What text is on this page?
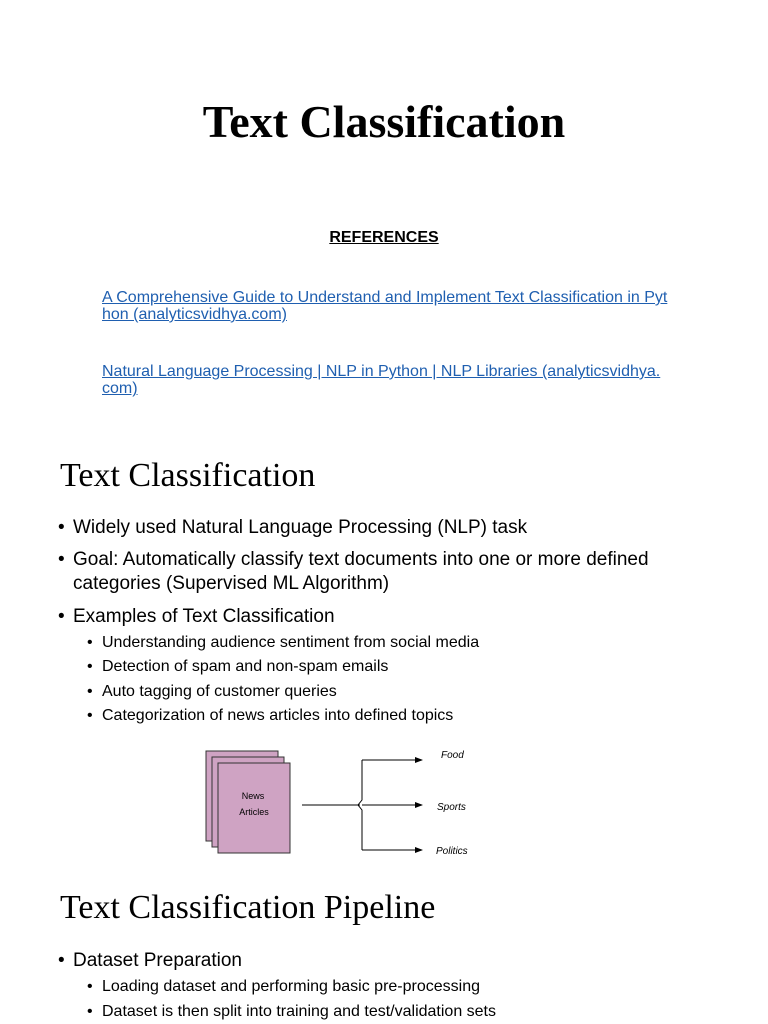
Text Classification
REFERENCES
A Comprehensive Guide to Understand and Implement Text Classification in Python (analyticsvidhya.com)
Natural Language Processing | NLP in Python | NLP Libraries (analyticsvidhya.com)
Text Classification
• Widely used Natural Language Processing (NLP) task
• Goal: Automatically classify text documents into one or more defined
categories (Supervised ML Algorithm)
• Examples of Text Classification
• Understanding audience sentiment from social media
• Detection of spam and non-spam emails
• Auto tagging of customer queries
• Categorization of news articles into defined topics
News
Articles
Food
Sports
Politics
Text Classification Pipeline
• Dataset Preparation
• Loading dataset and performing basic pre-processing
• Dataset is then split into training and test/validation sets
